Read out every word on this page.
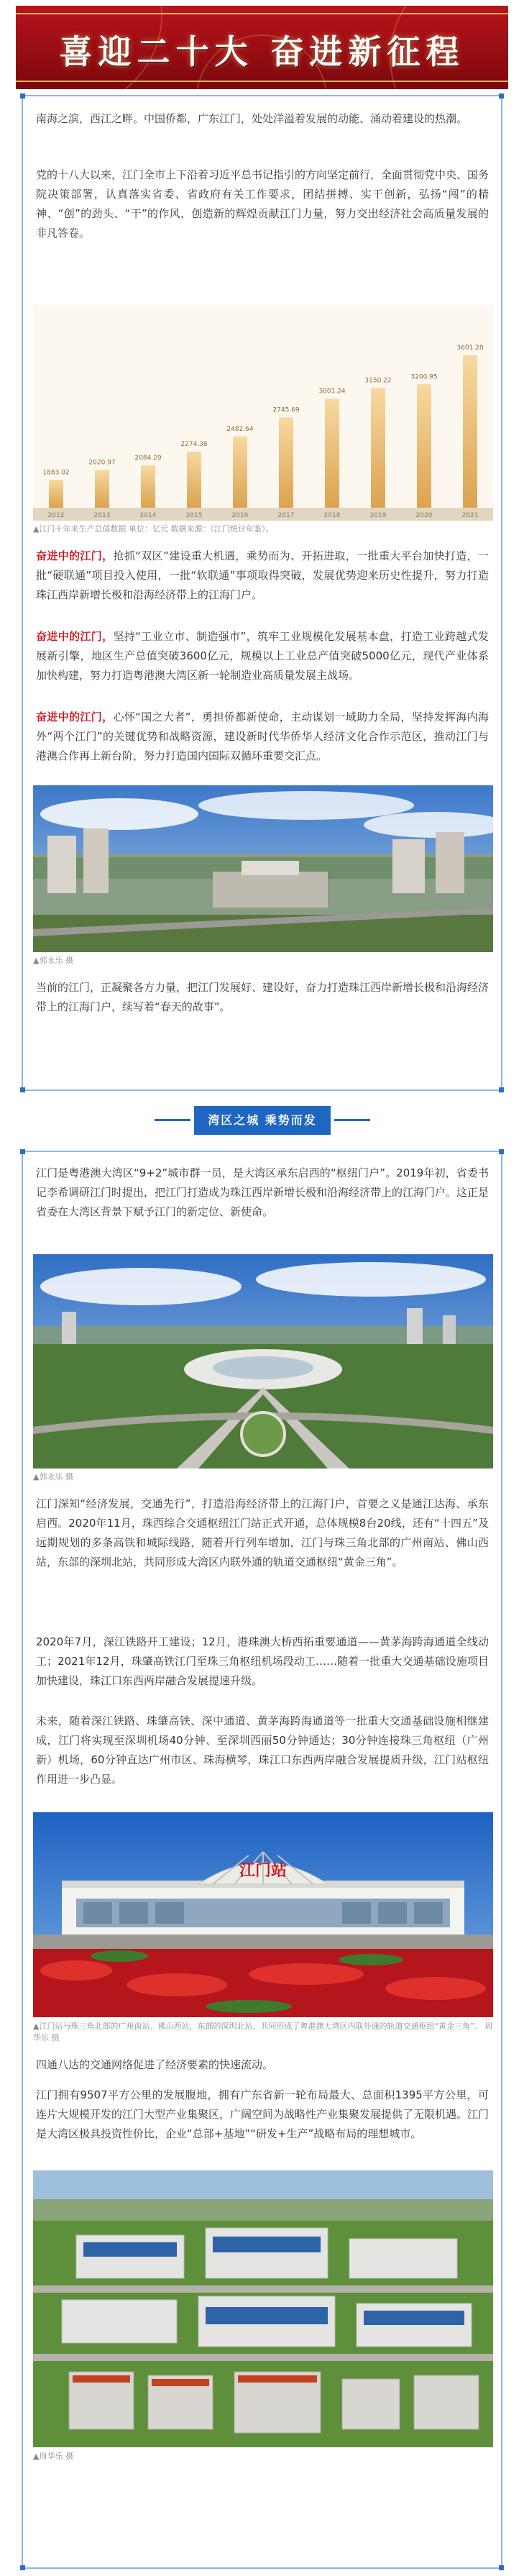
喜迎二十大 奋进新征程

南海之滨，西江之畔。中国侨都，广东江门，处处洋溢着发展的动能、涌动着建设的热潮。

党的十八大以来，江门全市上下沿着习近平总书记指引的方向坚定前行，全面贯彻党中央、国务院决策部署，认真落实省委、省政府有关工作要求，团结拼搏、实干创新，弘扬“闯”的精神、“创”的劲头、“干”的作风，创造新的辉煌贡献江门力量，努力交出经济社会高质量发展的非凡答卷。

1883.02
2012
2020.97
2013
2084.29
2014
2274.36
2015
2482.64
2016
2745.69
2017
3001.24
2018
3150.22
2019
3200.95
2020
3601.28
2021

▲江门十年来生产总值数据 单位：亿元 数据来源：《江门统计年鉴》。

奋进中的江门，抢抓“双区”建设重大机遇，乘势而为、开拓进取，一批重大平台加快打造，一批“硬联通”项目投入使用，一批“软联通”事项取得突破，发展优势迎来历史性提升，努力打造珠江西岸新增长极和沿海经济带上的江海门户。

奋进中的江门，坚持“工业立市、制造强市”，筑牢工业规模化发展基本盘，打造工业跨越式发展新引擎，地区生产总值突破3600亿元，规模以上工业总产值突破5000亿元，现代产业体系加快构建，努力打造粤港澳大湾区新一轮制造业高质量发展主战场。

奋进中的江门，心怀“国之大者”，勇担侨都新使命，主动谋划一域助力全局，坚持发挥海内海外“两个江门”的关键优势和战略资源，建设新时代华侨华人经济文化合作示范区，推动江门与港澳合作再上新台阶，努力打造国内国际双循环重要交汇点。

▲郭永乐 摄

当前的江门，正凝聚各方力量，把江门发展好、建设好，奋力打造珠江西岸新增长极和沿海经济带上的江海门户，续写着“春天的故事”。

湾区之城 乘势而发

江门是粤港澳大湾区“9+2”城市群一员，是大湾区承东启西的“枢纽门户”。2019年初，省委书记李希调研江门时提出，把江门打造成为珠江西岸新增长极和沿海经济带上的江海门户。这正是省委在大湾区背景下赋予江门的新定位、新使命。

▲郭永乐 摄

江门深知“经济发展，交通先行”，打造沿海经济带上的江海门户，首要之义是通江达海、承东启西。2020年11月，珠西综合交通枢纽江门站正式开通，总体规模8台20线，还有“十四五”及远期规划的多条高铁和城际线路，随着开行列车增加，江门与珠三角北部的广州南站、佛山西站，东部的深圳北站，共同形成大湾区内联外通的轨道交通枢纽“黄金三角”。

2020年7月，深江铁路开工建设；12月，港珠澳大桥西拓重要通道——黄茅海跨海通道全线动工；2021年12月，珠肇高铁江门至珠三角枢纽机场段动工……随着一批重大交通基础设施项目加快建设，珠江口东西两岸融合发展提速升级。

未来，随着深江铁路、珠肇高铁、深中通道、黄茅海跨海通道等一批重大交通基础设施相继建成，江门将实现至深圳机场40分钟、至深圳西丽50分钟通达；30分钟连接珠三角枢纽（广州新）机场，60分钟直达广州市区、珠海横琴，珠江口东西两岸融合发展提质升级，江门站枢纽作用进一步凸显。

江门站

▲江门站与珠三角北部的广州南站、佛山西站，东部的深圳北站，共同形成了粤港澳大湾区内联外通的轨道交通枢纽“黄金三角”。 周华乐 摄

四通八达的交通网络促进了经济要素的快速流动。

江门拥有9507平方公里的发展腹地，拥有广东省新一轮布局最大、总面积1395平方公里，可连片大规模开发的江门大型产业集聚区，广阔空间为战略性产业集聚发展提供了无限机遇。江门是大湾区极具投资性价比，企业“总部+基地”“研发+生产”战略布局的理想城市。

▲周华乐 摄
